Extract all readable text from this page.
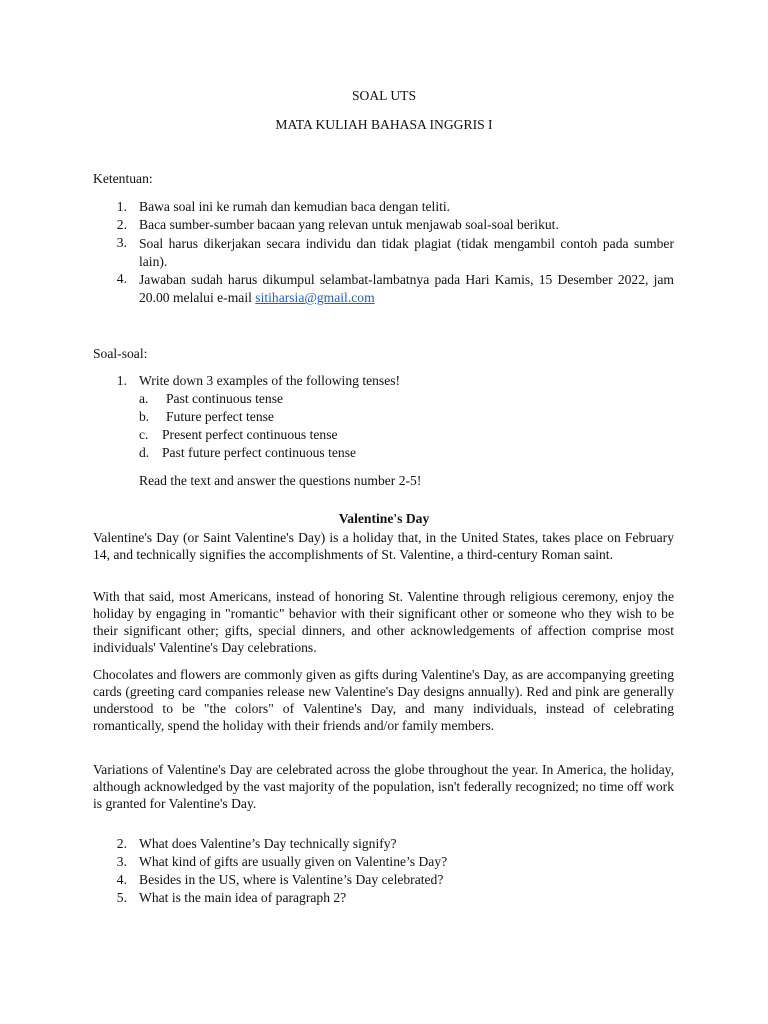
SOAL UTS
MATA KULIAH BAHASA INGGRIS I
Ketentuan:
1. Bawa soal ini ke rumah dan kemudian baca dengan teliti.
2. Baca sumber-sumber bacaan yang relevan untuk menjawab soal-soal berikut.
3. Soal harus dikerjakan secara individu dan tidak plagiat (tidak mengambil contoh pada sumber lain).
4. Jawaban sudah harus dikumpul selambat-lambatnya pada Hari Kamis, 15 Desember 2022, jam 20.00 melalui e-mail sitiharsia@gmail.com
Soal-soal:
1. Write down 3 examples of the following tenses!
a. Past continuous tense
b. Future perfect tense
c. Present perfect continuous tense
d. Past future perfect continuous tense
Read the text and answer the questions number 2-5!
Valentine's Day
Valentine's Day (or Saint Valentine's Day) is a holiday that, in the United States, takes place on February 14, and technically signifies the accomplishments of St. Valentine, a third-century Roman saint.
With that said, most Americans, instead of honoring St. Valentine through religious ceremony, enjoy the holiday by engaging in "romantic" behavior with their significant other or someone who they wish to be their significant other; gifts, special dinners, and other acknowledgements of affection comprise most individuals' Valentine's Day celebrations.
Chocolates and flowers are commonly given as gifts during Valentine's Day, as are accompanying greeting cards (greeting card companies release new Valentine's Day designs annually). Red and pink are generally understood to be "the colors" of Valentine's Day, and many individuals, instead of celebrating romantically, spend the holiday with their friends and/or family members.
Variations of Valentine's Day are celebrated across the globe throughout the year. In America, the holiday, although acknowledged by the vast majority of the population, isn't federally recognized; no time off work is granted for Valentine's Day.
2. What does Valentine’s Day technically signify?
3. What kind of gifts are usually given on Valentine’s Day?
4. Besides in the US, where is Valentine’s Day celebrated?
5. What is the main idea of paragraph 2?
